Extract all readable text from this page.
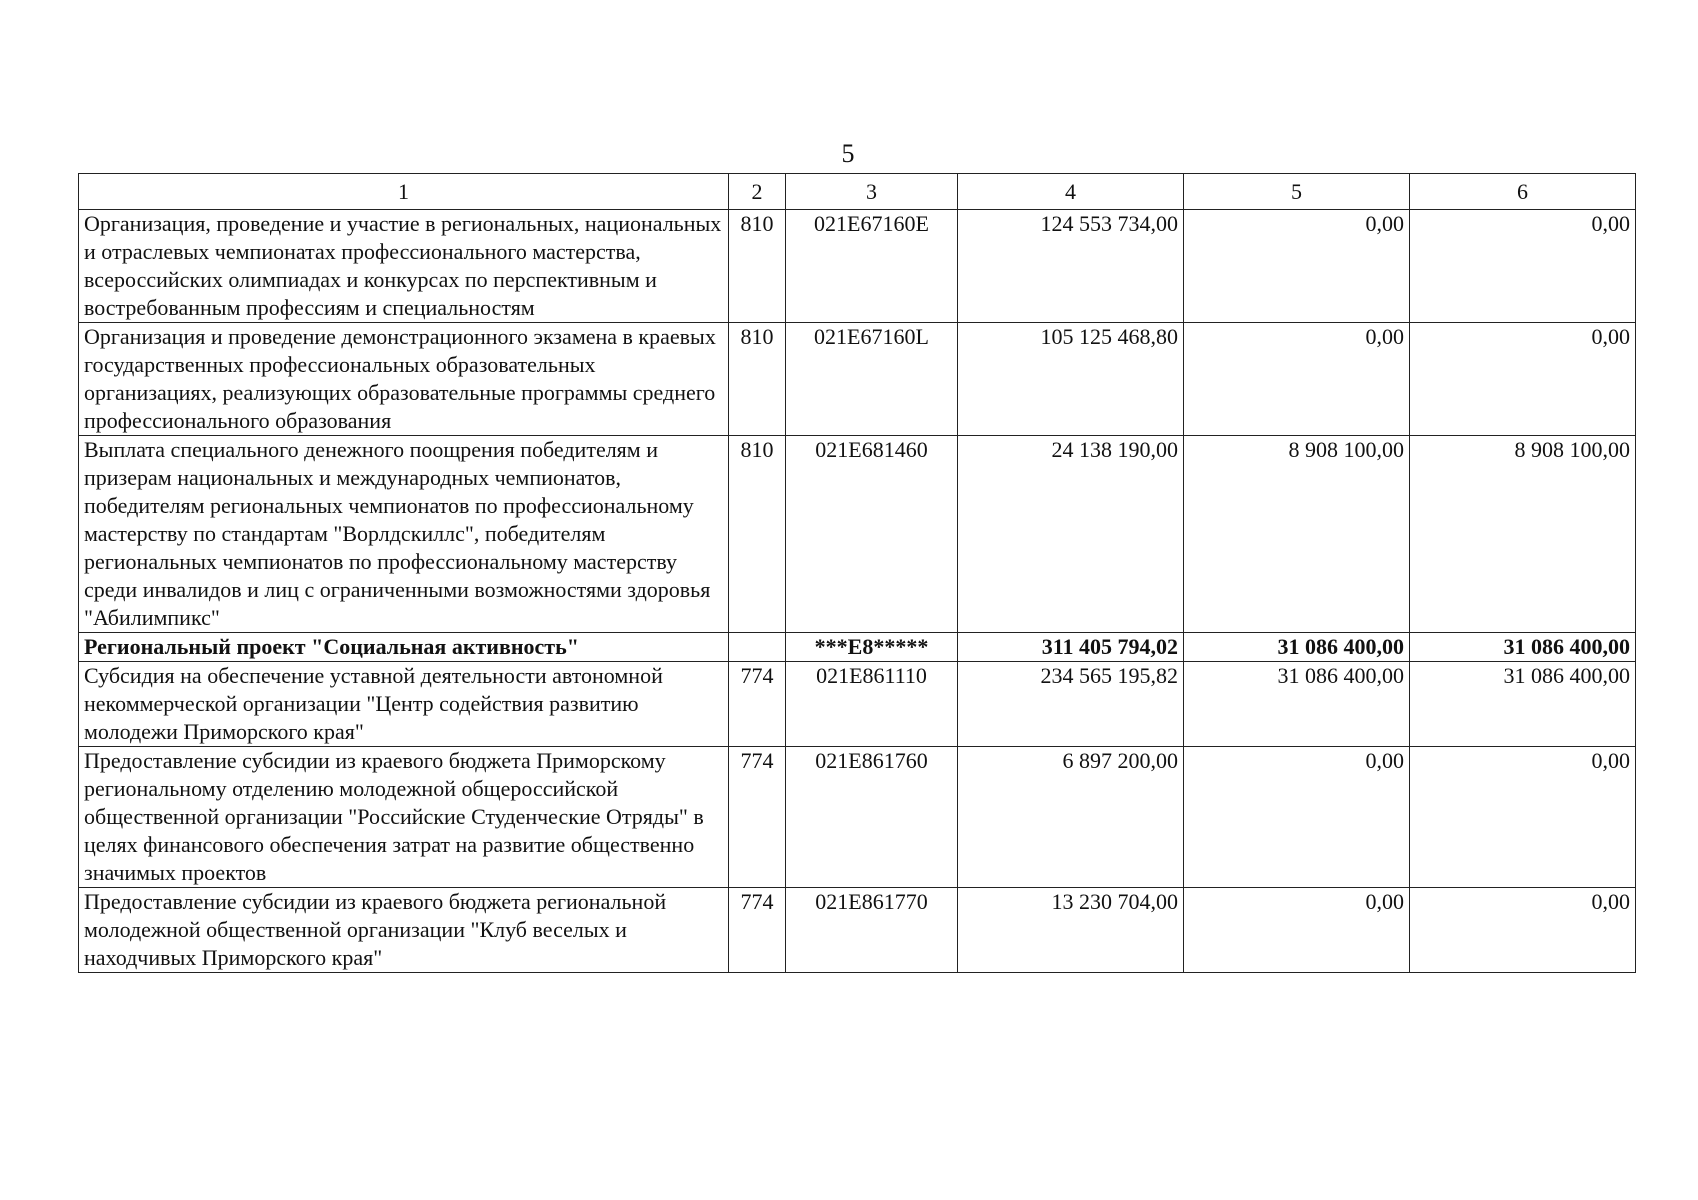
5
1	2	3	4	5	6
Организация, проведение и участие в региональных, национальных и отраслевых чемпионатах профессионального мастерства, всероссийских олимпиадах и конкурсах по перспективным и востребованным профессиям и специальностям	810	021E67160E	124 553 734,00	0,00	0,00
Организация и проведение демонстрационного экзамена в краевых государственных профессиональных образовательных организациях, реализующих образовательные программы среднего профессионального образования	810	021E67160L	105 125 468,80	0,00	0,00
Выплата специального денежного поощрения победителям и призерам национальных и международных чемпионатов, победителям региональных чемпионатов по профессиональному мастерству по стандартам "Ворлдскиллс", победителям региональных чемпионатов по профессиональному мастерству среди инвалидов и лиц с ограниченными возможностями здоровья "Абилимпикс"	810	021E681460	24 138 190,00	8 908 100,00	8 908 100,00
Региональный проект "Социальная активность"		***E8*****	311 405 794,02	31 086 400,00	31 086 400,00
Субсидия на обеспечение уставной деятельности автономной некоммерческой организации "Центр содействия развитию молодежи Приморского края"	774	021E861110	234 565 195,82	31 086 400,00	31 086 400,00
Предоставление субсидии из краевого бюджета Приморскому региональному отделению молодежной общероссийской общественной организации "Российские Студенческие Отряды" в целях финансового обеспечения затрат на развитие общественно значимых проектов	774	021E861760	6 897 200,00	0,00	0,00
Предоставление субсидии из краевого бюджета региональной молодежной общественной организации "Клуб веселых и находчивых Приморского края"	774	021E861770	13 230 704,00	0,00	0,00
